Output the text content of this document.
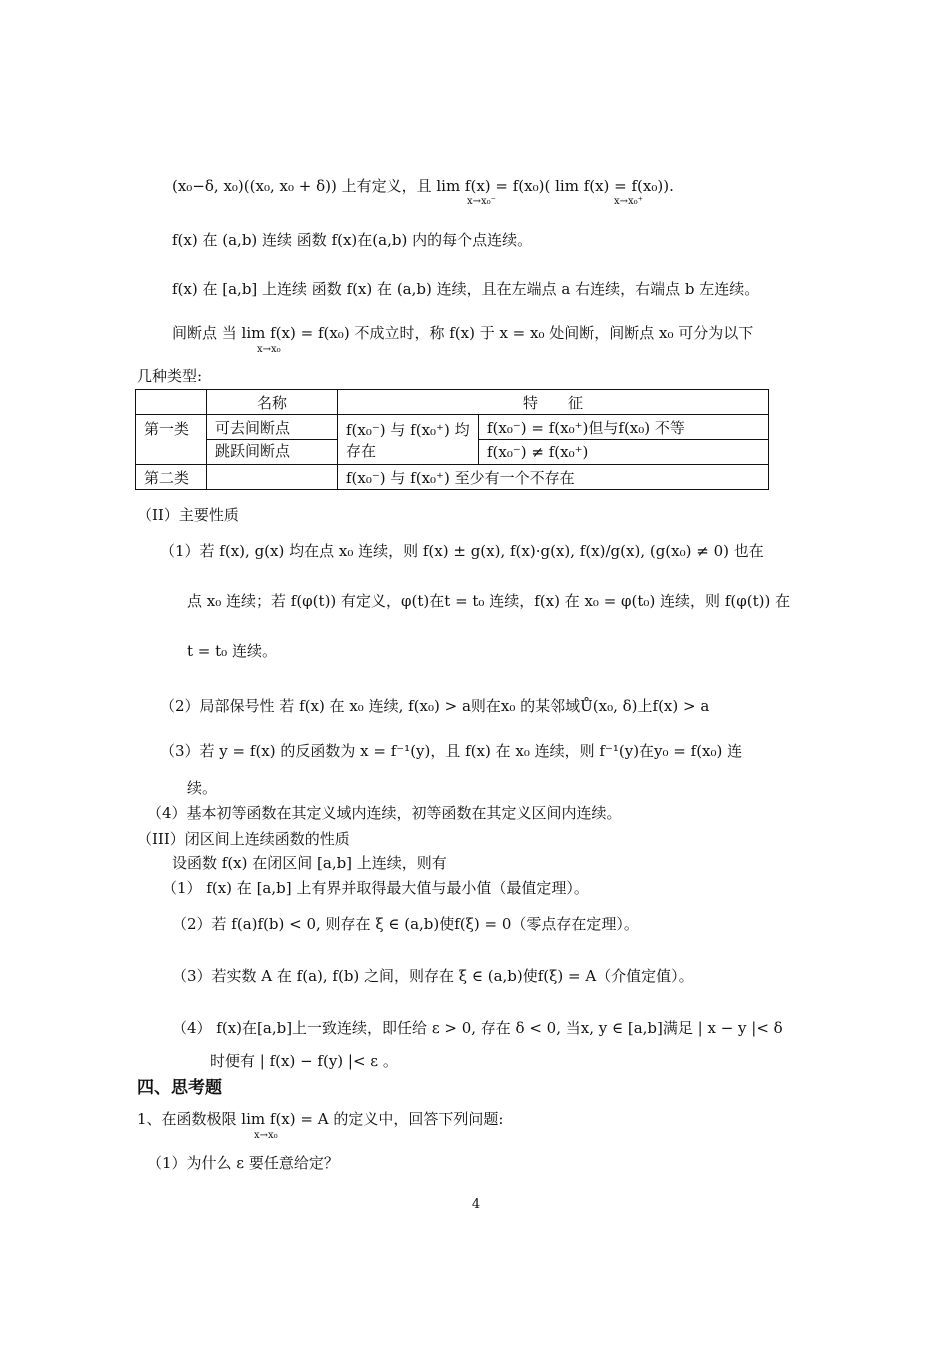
(x₀−δ, x₀)((x₀, x₀ + δ)) 上有定义，且 lim f(x) = f(x₀)( lim f(x) = f(x₀)).
x→x₀⁻	x→x₀⁺
f(x) 在 (a,b) 连续 函数 f(x)在(a,b) 内的每个点连续。
f(x) 在 [a,b] 上连续 函数 f(x) 在 (a,b) 连续，且在左端点 a 右连续，右端点 b 左连续。
间断点 当 lim f(x) = f(x₀) 不成立时，称 f(x) 于 x = x₀ 处间断，间断点 x₀ 可分为以下
x→x₀
几种类型:
	名称	特　　征	
第一类	可去间断点	f(x₀⁻) 与 f(x₀⁺) 均存在	f(x₀⁻) = f(x₀⁺)但与f(x₀) 不等
	跳跃间断点		f(x₀⁻) ≠ f(x₀⁺)
第二类		f(x₀⁻) 与 f(x₀⁺) 至少有一个不存在	
（II）主要性质
（1）若 f(x), g(x) 均在点 x₀ 连续，则 f(x) ± g(x), f(x)·g(x), f(x)/g(x), (g(x₀) ≠ 0) 也在
点 x₀ 连续；若 f(φ(t)) 有定义，φ(t)在t = t₀ 连续，f(x) 在 x₀ = φ(t₀) 连续，则 f(φ(t)) 在
t = t₀ 连续。
（2）局部保号性 若 f(x) 在 x₀ 连续, f(x₀) > a则在x₀ 的某邻域Ů(x₀, δ)上f(x) > a
（3）若 y = f(x) 的反函数为 x = f⁻¹(y)，且 f(x) 在 x₀ 连续，则 f⁻¹(y)在y₀ = f(x₀) 连
续。
（4）基本初等函数在其定义域内连续，初等函数在其定义区间内连续。
（III）闭区间上连续函数的性质
设函数 f(x) 在闭区间 [a,b] 上连续，则有
（1） f(x) 在 [a,b] 上有界并取得最大值与最小值（最值定理）。
（2）若 f(a)f(b) < 0, 则存在 ξ ∈ (a,b)使f(ξ) = 0（零点存在定理）。
（3）若实数 A 在 f(a), f(b) 之间，则存在 ξ ∈ (a,b)使f(ξ) = A（介值定值）。
（4） f(x)在[a,b]上一致连续，即任给 ε > 0, 存在 δ < 0, 当x, y ∈ [a,b]满足 | x − y |< δ
时便有 | f(x) − f(y) |< ε 。
四、思考题
1、在函数极限 lim f(x) = A 的定义中，回答下列问题:
x→x₀
（1）为什么 ε 要任意给定？
4
